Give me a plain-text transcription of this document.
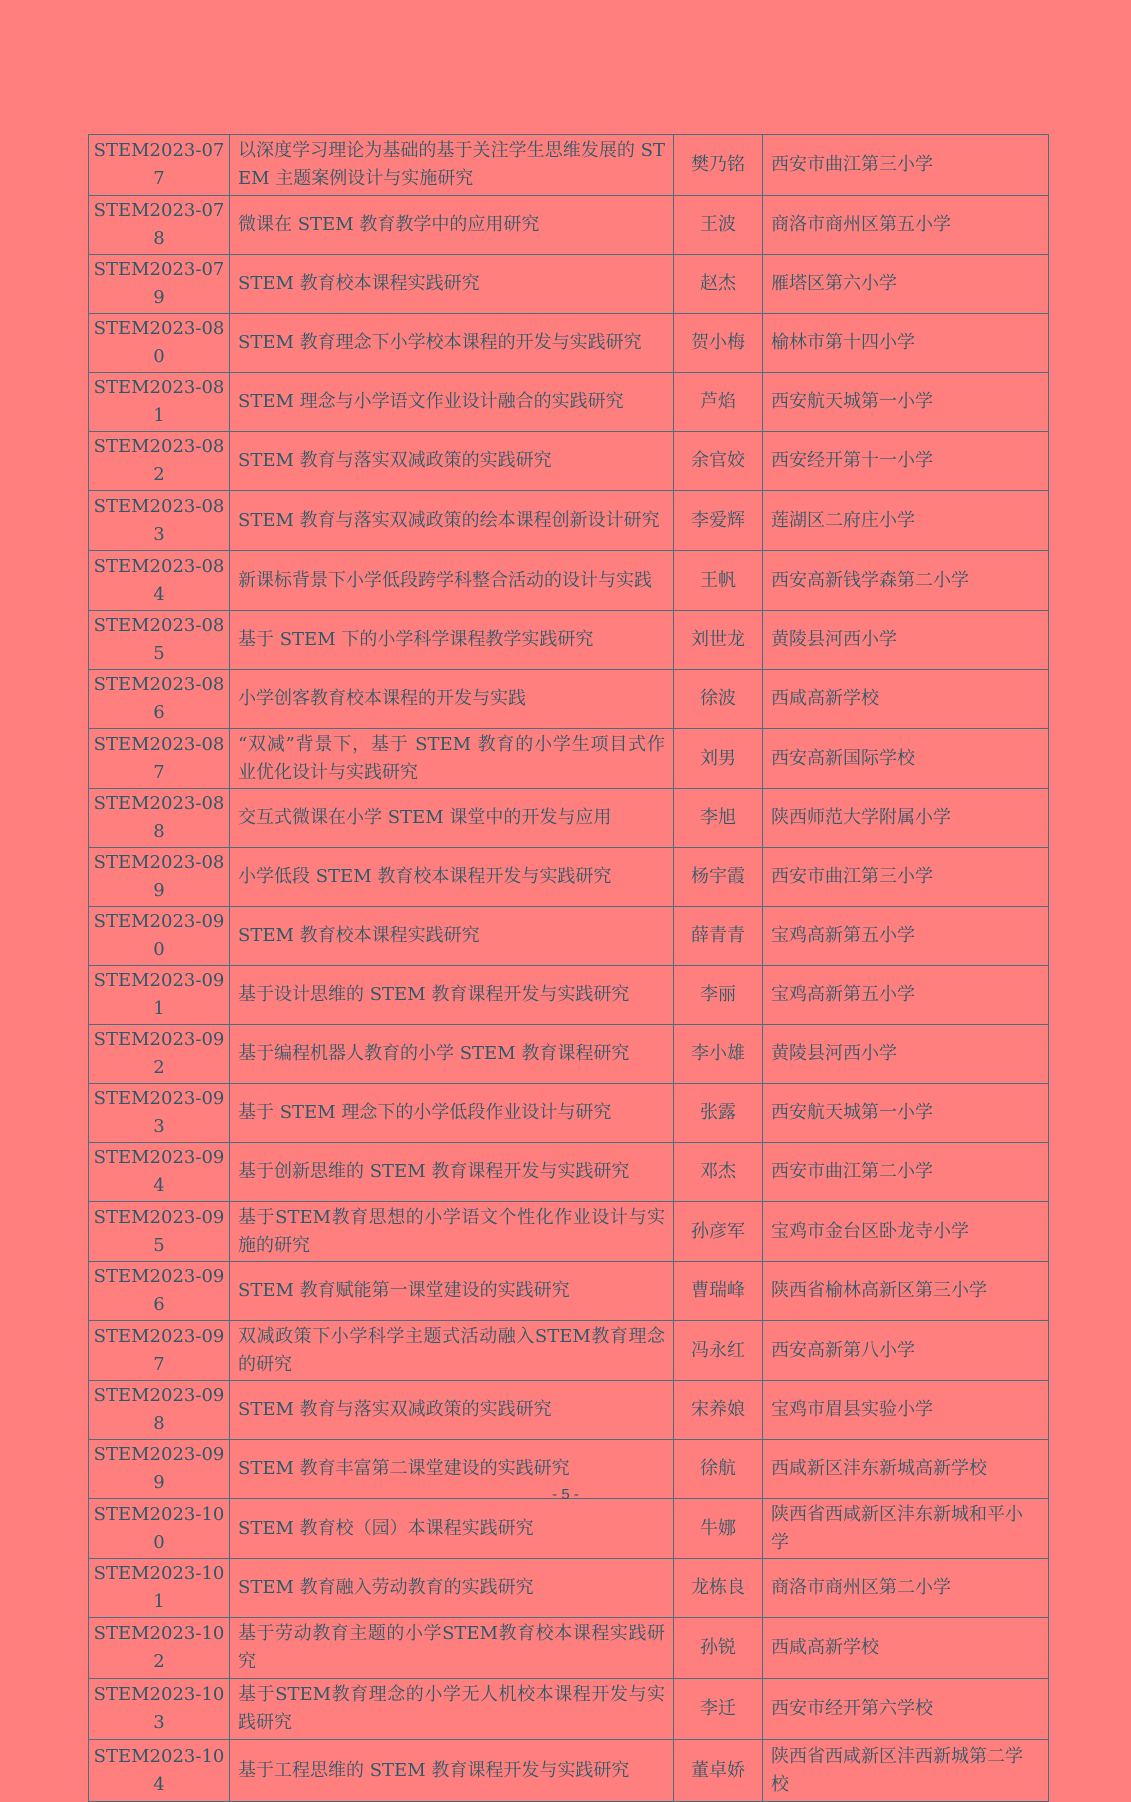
STEM2023-077	以深度学习理论为基础的基于关注学生思维发展的 STEM 主题案例设计与实施研究	樊乃铭	西安市曲江第三小学
STEM2023-078	微课在 STEM 教育教学中的应用研究	王波	商洛市商州区第五小学
STEM2023-079	STEM 教育校本课程实践研究	赵杰	雁塔区第六小学
STEM2023-080	STEM 教育理念下小学校本课程的开发与实践研究	贺小梅	榆林市第十四小学
STEM2023-081	STEM 理念与小学语文作业设计融合的实践研究	芦焰	西安航天城第一小学
STEM2023-082	STEM 教育与落实双减政策的实践研究	余官姣	西安经开第十一小学
STEM2023-083	STEM 教育与落实双减政策的绘本课程创新设计研究	李爱辉	莲湖区二府庄小学
STEM2023-084	新课标背景下小学低段跨学科整合活动的设计与实践	王帆	西安高新钱学森第二小学
STEM2023-085	基于 STEM 下的小学科学课程教学实践研究	刘世龙	黄陵县河西小学
STEM2023-086	小学创客教育校本课程的开发与实践	徐波	西咸高新学校
STEM2023-087	“双减”背景下，基于 STEM 教育的小学生项目式作业优化设计与实践研究	刘男	西安高新国际学校
STEM2023-088	交互式微课在小学 STEM 课堂中的开发与应用	李旭	陕西师范大学附属小学
STEM2023-089	小学低段 STEM 教育校本课程开发与实践研究	杨宇霞	西安市曲江第三小学
STEM2023-090	STEM 教育校本课程实践研究	薛青青	宝鸡高新第五小学
STEM2023-091	基于设计思维的 STEM 教育课程开发与实践研究	李丽	宝鸡高新第五小学
STEM2023-092	基于编程机器人教育的小学 STEM 教育课程研究	李小雄	黄陵县河西小学
STEM2023-093	基于 STEM 理念下的小学低段作业设计与研究	张露	西安航天城第一小学
STEM2023-094	基于创新思维的 STEM 教育课程开发与实践研究	邓杰	西安市曲江第二小学
STEM2023-095	基于STEM教育思想的小学语文个性化作业设计与实施的研究	孙彦军	宝鸡市金台区卧龙寺小学
STEM2023-096	STEM 教育赋能第一课堂建设的实践研究	曹瑞峰	陕西省榆林高新区第三小学
STEM2023-097	双减政策下小学科学主题式活动融入STEM教育理念的研究	冯永红	西安高新第八小学
STEM2023-098	STEM 教育与落实双减政策的实践研究	宋养娘	宝鸡市眉县实验小学
STEM2023-099	STEM 教育丰富第二课堂建设的实践研究	徐航	西咸新区沣东新城高新学校
STEM2023-100	STEM 教育校（园）本课程实践研究	牛娜	陕西省西咸新区沣东新城和平小学
STEM2023-101	STEM 教育融入劳动教育的实践研究	龙栋良	商洛市商州区第二小学
STEM2023-102	基于劳动教育主题的小学STEM教育校本课程实践研究	孙锐	西咸高新学校
STEM2023-103	基于STEM教育理念的小学无人机校本课程开发与实践研究	李迁	西安市经开第六学校
STEM2023-104	基于工程思维的 STEM 教育课程开发与实践研究	董卓娇	陕西省西咸新区沣西新城第二学校
- 5 -
